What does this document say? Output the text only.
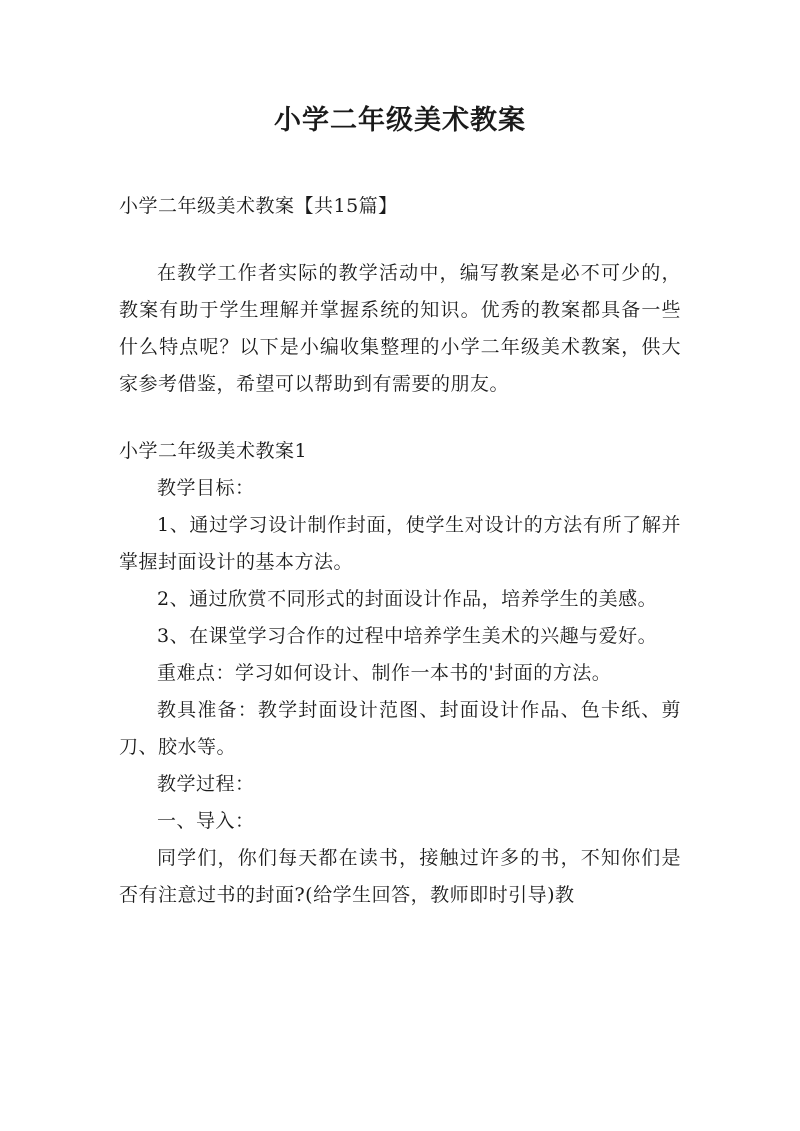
小学二年级美术教案

小学二年级美术教案【共15篇】

在教学工作者实际的教学活动中，编写教案是必不可少的，教案有助于学生理解并掌握系统的知识。优秀的教案都具备一些什么特点呢？以下是小编收集整理的小学二年级美术教案，供大家参考借鉴，希望可以帮助到有需要的朋友。

小学二年级美术教案1

教学目标：

1、通过学习设计制作封面，使学生对设计的方法有所了解并掌握封面设计的基本方法。

2、通过欣赏不同形式的封面设计作品，培养学生的美感。

3、在课堂学习合作的过程中培养学生美术的兴趣与爱好。

重难点：学习如何设计、制作一本书的'封面的方法。

教具准备：教学封面设计范图、封面设计作品、色卡纸、剪刀、胶水等。

教学过程：

一、导入：

同学们，你们每天都在读书，接触过许多的书，不知你们是否有注意过书的封面?(给学生回答，教师即时引导)教
